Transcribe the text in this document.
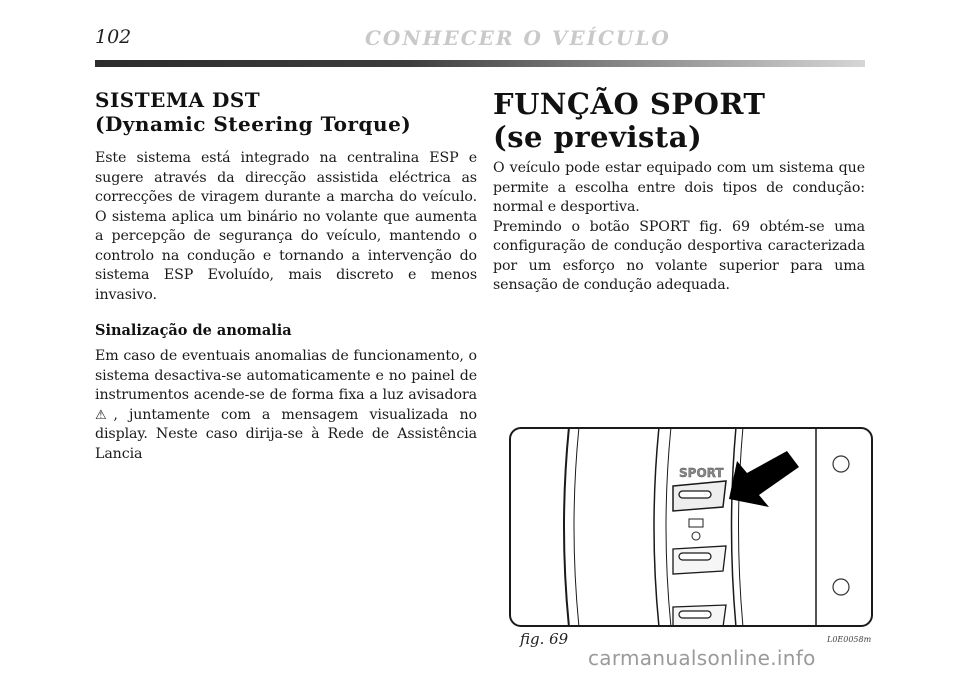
102	CONHECER O VEÍCULO
SISTEMA DST
(Dynamic Steering Torque)

Este sistema está integrado na centralina ESP e sugere através da direcção assistida eléctrica as correcções de viragem durante a marcha do veículo. O sistema aplica um binário no volante que aumenta a percepção de segurança do veículo, mantendo o controlo na condução e tornando a intervenção do sistema ESP Evoluído, mais discreto e menos invasivo.

Sinalização de anomalia

Em caso de eventuais anomalias de funcionamento, o sistema desactiva-se automaticamente e no painel de instrumentos acende-se de forma fixa a luz avisadora ⚠, juntamente com a mensagem visualizada no display. Neste caso dirija-se à Rede de Assistência Lancia

FUNÇÃO SPORT
(se prevista)

O veículo pode estar equipado com um sistema que permite a escolha entre dois tipos de condução: normal e desportiva.

Premindo o botão SPORT fig. 69 obtém-se uma configuração de condução desportiva caracterizada por um esforço no volante superior para uma sensação de condução adequada.

SPORT
fig. 69	L0E0058m
carmanualsonline.info
